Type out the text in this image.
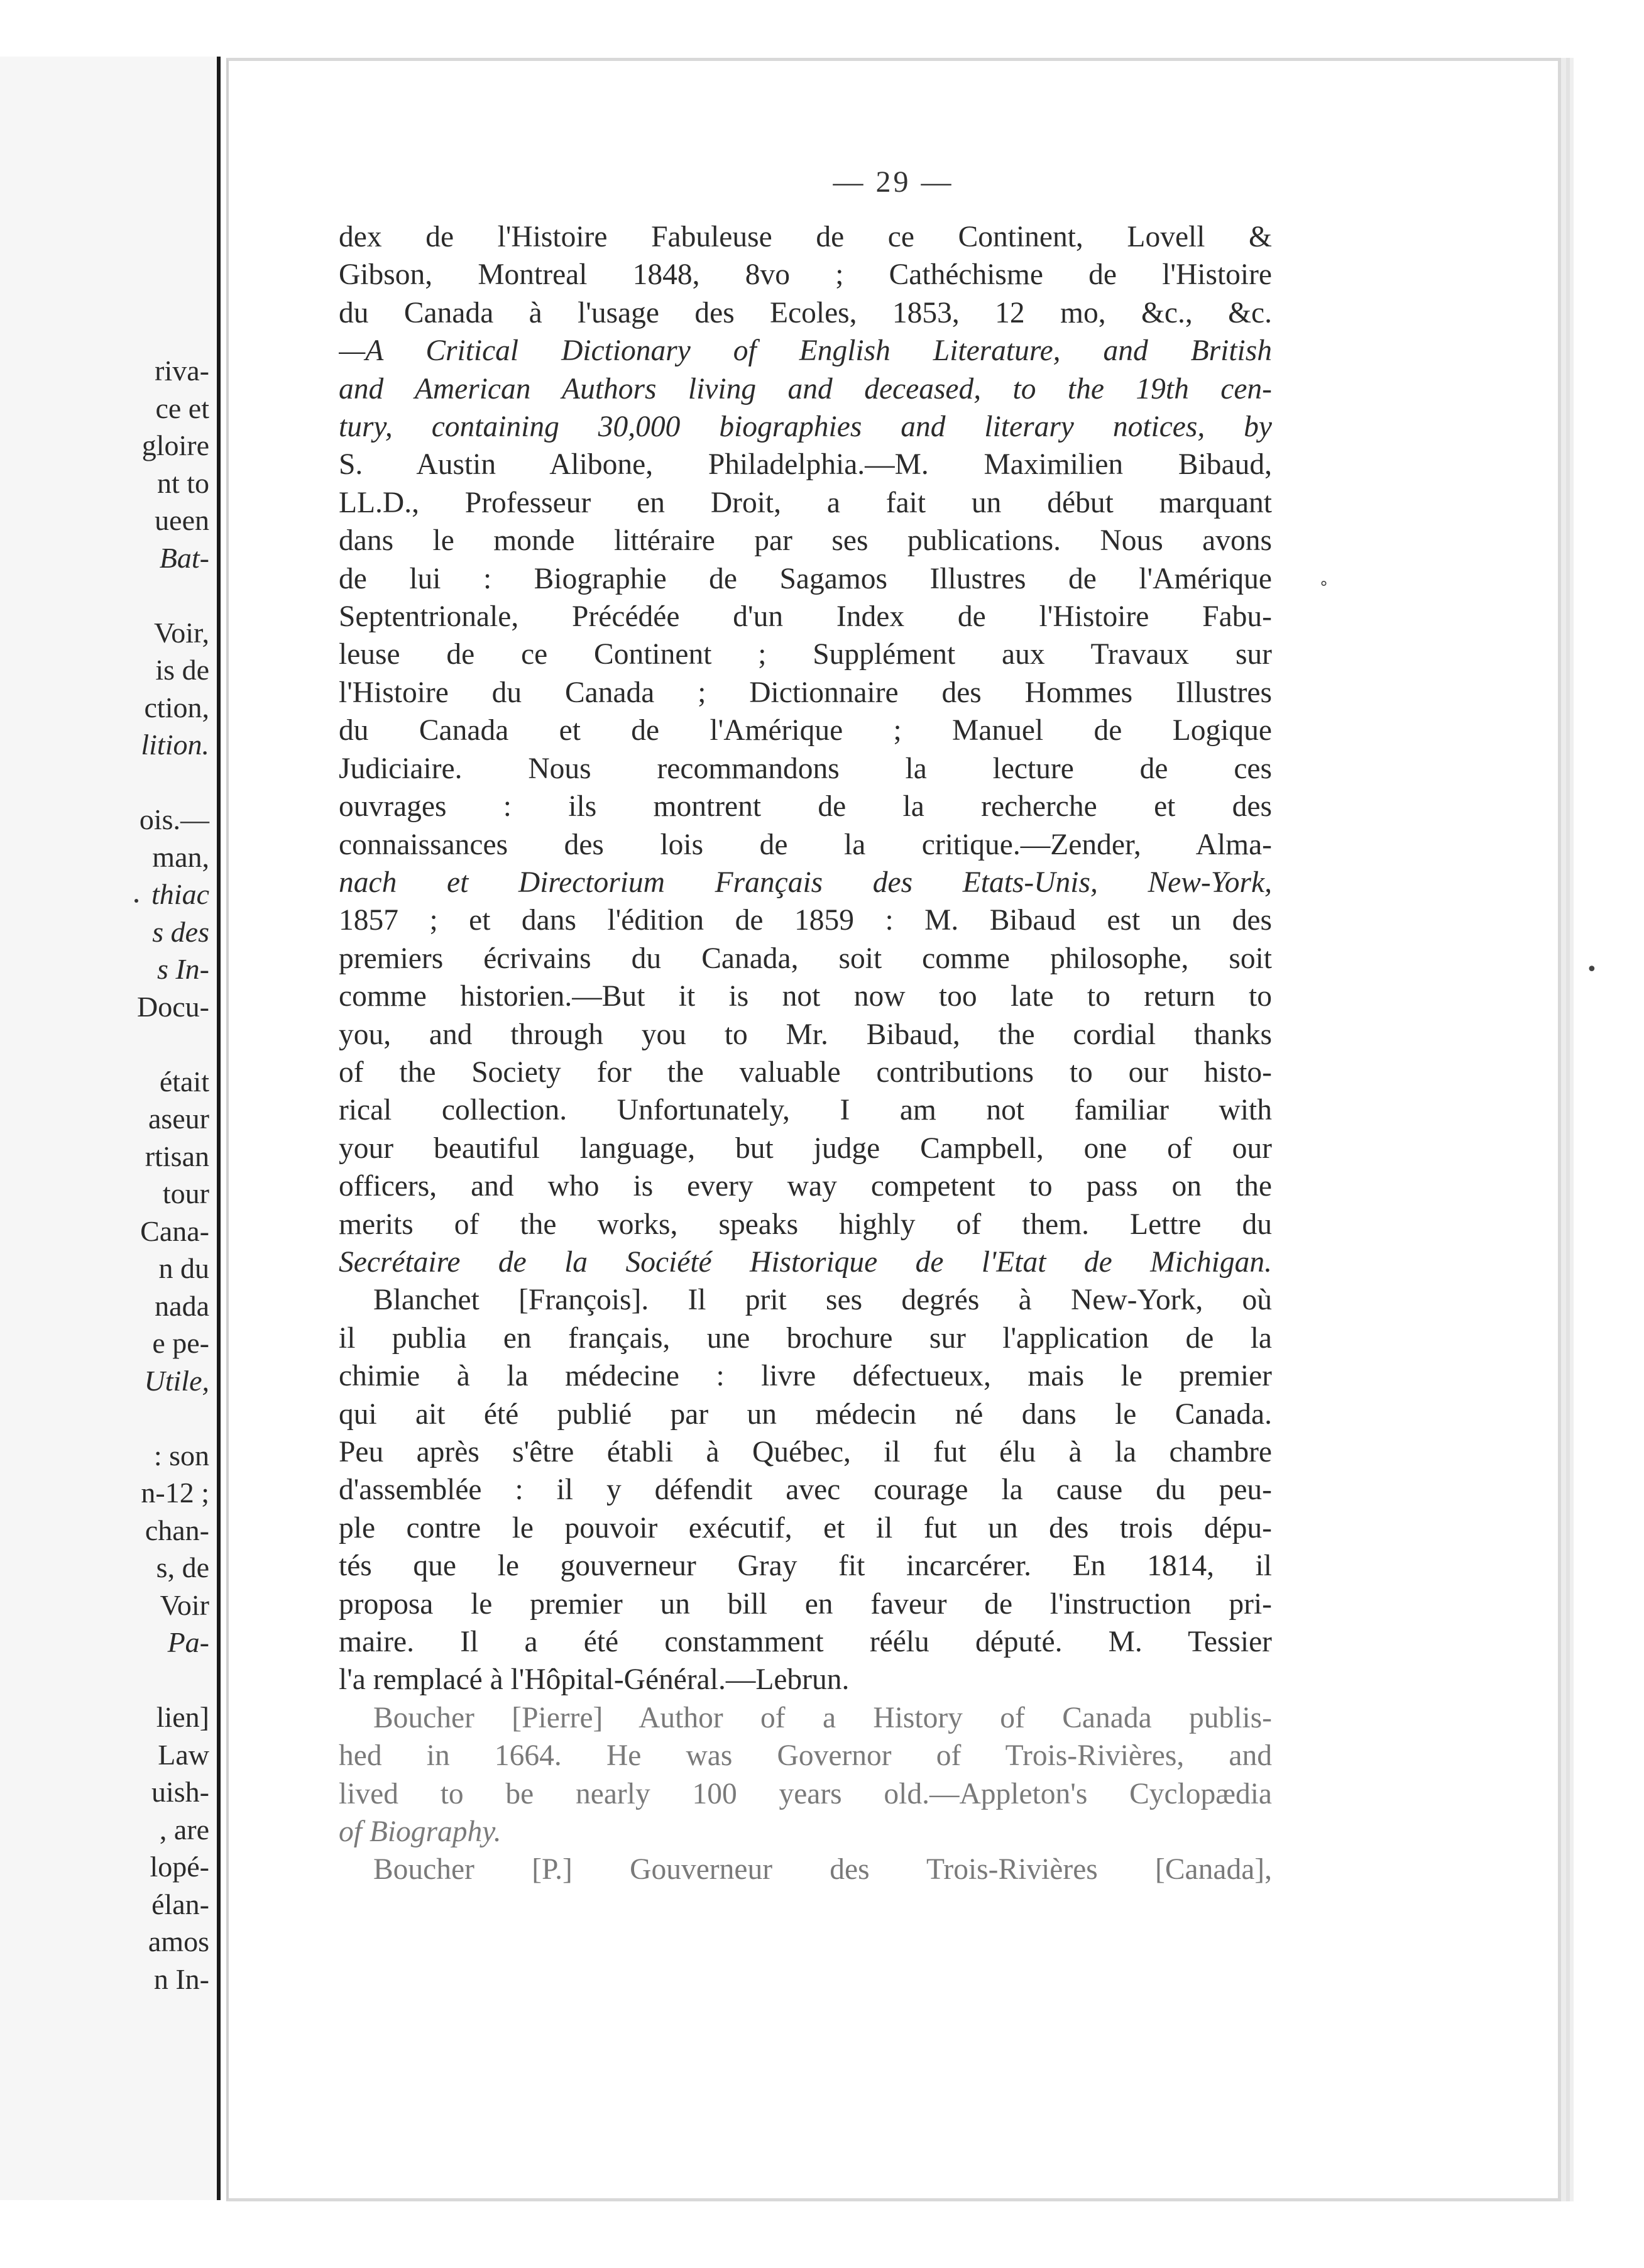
riva-
ce et
gloire
nt to
ueen
Bat-

Voir,
is de
ction,
lition.

ois.—
man,
thiac
s des
s In-
Docu-

était
aseur
rtisan
tour
Cana-
n du
nada
e pe-
Utile,

: son
n-12 ;
chan-
s, de
Voir
Pa-

lien]
Law
uish-
, are
lopé-
élan-
amos
n In-
— 29 —
dex de l'Histoire Fabuleuse de ce Continent, Lovell &
Gibson, Montreal 1848, 8vo ; Cathéchisme de l'Histoire
du Canada à l'usage des Ecoles, 1853, 12 mo, &c., &c.
—A Critical Dictionary of English Literature, and British
and American Authors living and deceased, to the 19th cen-
tury, containing 30,000 biographies and literary notices, by
S. Austin Alibone, Philadelphia.—M. Maximilien Bibaud,
LL.D., Professeur en Droit, a fait un début marquant
dans le monde littéraire par ses publications. Nous avons
de lui : Biographie de Sagamos Illustres de l'Amérique
Septentrionale, Précédée d'un Index de l'Histoire Fabu-
leuse de ce Continent ; Supplément aux Travaux sur
l'Histoire du Canada ; Dictionnaire des Hommes Illustres
du Canada et de l'Amérique ; Manuel de Logique
Judiciaire. Nous recommandons la lecture de ces
ouvrages : ils montrent de la recherche et des
connaissances des lois de la critique.—Zender, Alma-
nach et Directorium Français des Etats-Unis, New-York,
1857 ; et dans l'édition de 1859 : M. Bibaud est un des
premiers écrivains du Canada, soit comme philosophe, soit
comme historien.—But it is not now too late to return to
you, and through you to Mr. Bibaud, the cordial thanks
of the Society for the valuable contributions to our histo-
rical collection. Unfortunately, I am not familiar with
your beautiful language, but judge Campbell, one of our
officers, and who is every way competent to pass on the
merits of the works, speaks highly of them. Lettre du
Secrétaire de la Société Historique de l'Etat de Michigan.
Blanchet [François]. Il prit ses degrés à New-York, où
il publia en français, une brochure sur l'application de la
chimie à la médecine : livre défectueux, mais le premier
qui ait été publié par un médecin né dans le Canada.
Peu après s'être établi à Québec, il fut élu à la chambre
d'assemblée : il y défendit avec courage la cause du peu-
ple contre le pouvoir exécutif, et il fut un des trois dépu-
tés que le gouverneur Gray fit incarcérer. En 1814, il
proposa le premier un bill en faveur de l'instruction pri-
maire. Il a été constamment réélu député. M. Tessier
l'a remplacé à l'Hôpital-Général.—Lebrun.
Boucher [Pierre] Author of a History of Canada publis-
hed in 1664. He was Governor of Trois-Rivières, and
lived to be nearly 100 years old.—Appleton's Cyclopædia
of Biography.
Boucher [P.] Gouverneur des Trois-Rivières [Canada],
°
•
